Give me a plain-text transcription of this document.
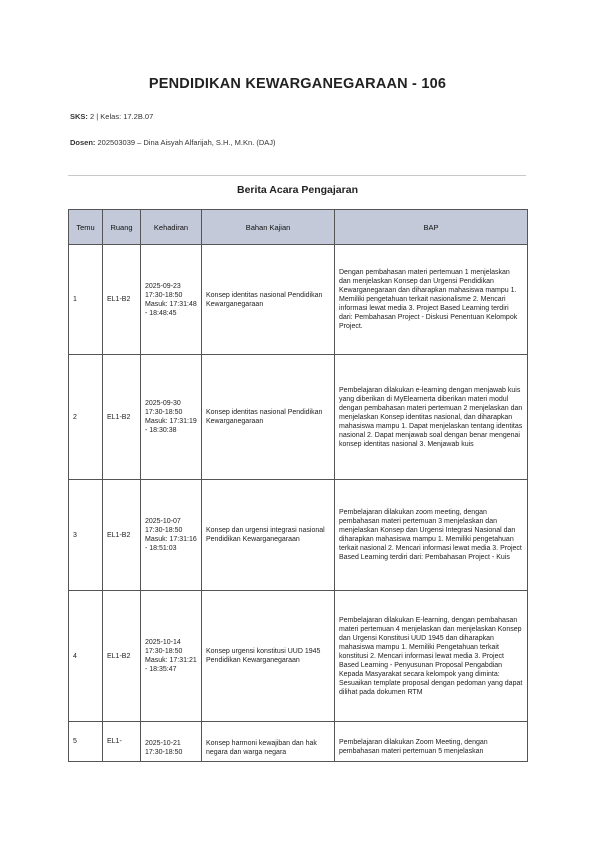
PENDIDIKAN KEWARGANEGARAAN - 106
SKS: 2 | Kelas: 17.2B.07
Dosen: 202503039 – Dina Aisyah Alfarijah, S.H., M.Kn. (DAJ)
Berita Acara Pengajaran
Temu	Ruang	Kehadiran	Bahan Kajian	BAP
1	EL1-B2	2025-09-23 17:30-18:50 Masuk: 17:31:48 - 18:48:45	Konsep identitas nasional Pendidikan Kewarganegaraan	Dengan pembahasan materi pertemuan 1 menjelaskan dan menjelaskan Konsep dan Urgensi Pendidikan Kewarganegaraan dan diharapkan mahasiswa mampu 1. Memiliki pengetahuan terkait nasionalisme 2. Mencari informasi lewat media 3. Project Based Learning terdiri dari: Pembahasan Project - Diskusi Penentuan Kelompok Project.
2	EL1-B2	2025-09-30 17:30-18:50 Masuk: 17:31:19 - 18:30:38	Konsep identitas nasional Pendidikan Kewarganegaraan	Pembelajaran dilakukan e-learning dengan menjawab kuis yang diberikan di MyElearnerta diberikan materi modul dengan pembahasan materi pertemuan 2 menjelaskan dan menjelaskan Konsep identitas nasional, dan diharapkan mahasiswa mampu 1. Dapat menjelaskan tentang identitas nasional 2. Dapat menjawab soal dengan benar mengenai konsep identitas nasional 3. Menjawab kuis
3	EL1-B2	2025-10-07 17:30-18:50 Masuk: 17:31:16 - 18:51:03	Konsep dan urgensi integrasi nasional Pendidikan Kewarganegaraan	Pembelajaran dilakukan zoom meeting, dengan pembahasan materi pertemuan 3 menjelaskan dan menjelaskan Konsep dan Urgensi Integrasi Nasional dan diharapkan mahasiswa mampu 1. Memiliki pengetahuan terkait nasional 2. Mencari informasi lewat media 3. Project Based Learning terdiri dari: Pembahasan Project - Kuis
4	EL1-B2	2025-10-14 17:30-18:50 Masuk: 17:31:21 - 18:35:47	Konsep urgensi konstitusi UUD 1945 Pendidikan Kewarganegaraan	Pembelajaran dilakukan E-learning, dengan pembahasan materi pertemuan 4 menjelaskan dan menjelaskan Konsep dan Urgensi Konstitusi UUD 1945 dan diharapkan mahasiswa mampu 1. Memiliki Pengetahuan terkait konstitusi 2. Mencari informasi lewat media 3. Project Based Learning - Penyusunan Proposal Pengabdian Kepada Masyarakat secara kelompok yang diminta: Sesuaikan template proposal dengan pedoman yang dapat dilihat pada dokumen RTM
5	EL1-	2025-10-21 17:30-18:50	Konsep harmoni kewajiban dan hak negara dan warga negara	Pembelajaran dilakukan Zoom Meeting, dengan pembahasan materi pertemuan 5 menjelaskan
